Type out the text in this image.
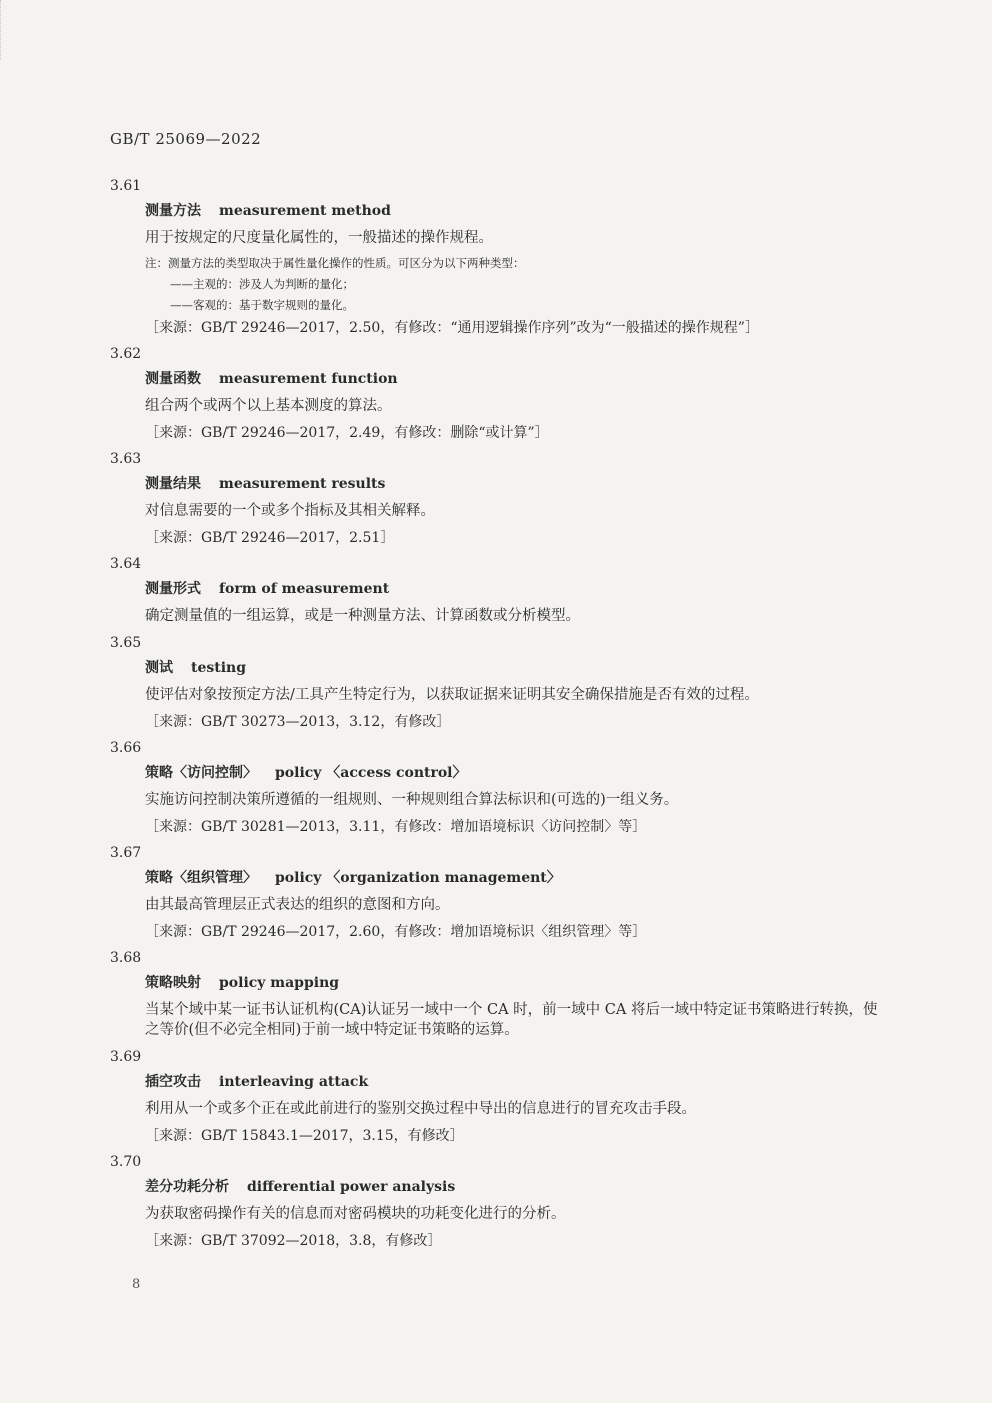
GB/T 25069—2022
3.61
测量方法 measurement method
用于按规定的尺度量化属性的，一般描述的操作规程。
注：测量方法的类型取决于属性量化操作的性质。可区分为以下两种类型：
——主观的：涉及人为判断的量化；
——客观的：基于数字规则的量化。
［来源：GB/T 29246—2017，2.50，有修改：“通用逻辑操作序列”改为“一般描述的操作规程”］
3.62
测量函数 measurement function
组合两个或两个以上基本测度的算法。
［来源：GB/T 29246—2017，2.49，有修改：删除“或计算”］
3.63
测量结果 measurement results
对信息需要的一个或多个指标及其相关解释。
［来源：GB/T 29246—2017，2.51］
3.64
测量形式 form of measurement
确定测量值的一组运算，或是一种测量方法、计算函数或分析模型。
3.65
测试 testing
使评估对象按预定方法/工具产生特定行为，以获取证据来证明其安全确保措施是否有效的过程。
［来源：GB/T 30273—2013，3.12，有修改］
3.66
策略〈访问控制〉 policy 〈access control〉
实施访问控制决策所遵循的一组规则、一种规则组合算法标识和(可选的)一组义务。
［来源：GB/T 30281—2013，3.11，有修改：增加语境标识〈访问控制〉等］
3.67
策略〈组织管理〉 policy 〈organization management〉
由其最高管理层正式表达的组织的意图和方向。
［来源：GB/T 29246—2017，2.60，有修改：增加语境标识〈组织管理〉等］
3.68
策略映射 policy mapping
当某个域中某一证书认证机构(CA)认证另一域中一个 CA 时，前一域中 CA 将后一域中特定证书策略进行转换，使之等价(但不必完全相同)于前一域中特定证书策略的运算。
3.69
插空攻击 interleaving attack
利用从一个或多个正在或此前进行的鉴别交换过程中导出的信息进行的冒充攻击手段。
［来源：GB/T 15843.1—2017，3.15，有修改］
3.70
差分功耗分析 differential power analysis
为获取密码操作有关的信息而对密码模块的功耗变化进行的分析。
［来源：GB/T 37092—2018，3.8，有修改］
8
